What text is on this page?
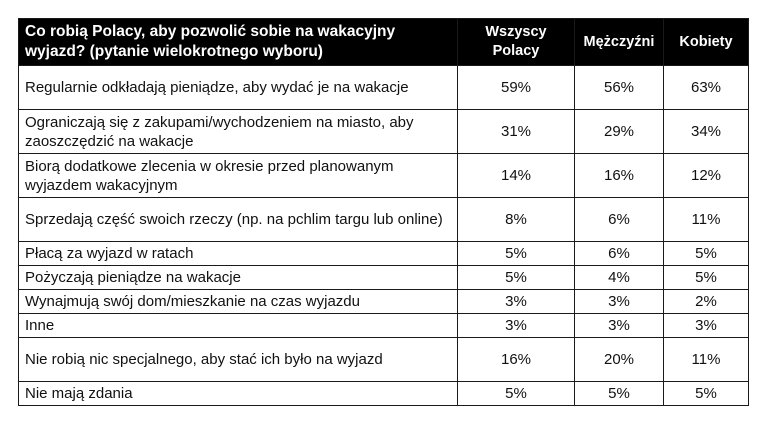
Co robią Polacy, aby pozwolić sobie na wakacyjny wyjazd? (pytanie wielokrotnego wyboru)	Wszyscy Polacy	Mężczyźni	Kobiety
Regularnie odkładają pieniądze, aby wydać je na wakacje	59%	56%	63%
Ograniczają się z zakupami/wychodzeniem na miasto, aby zaoszczędzić na wakacje	31%	29%	34%
Biorą dodatkowe zlecenia w okresie przed planowanym wyjazdem wakacyjnym	14%	16%	12%
Sprzedają część swoich rzeczy (np. na pchlim targu lub online)	8%	6%	11%
Płacą za wyjazd w ratach	5%	6%	5%
Pożyczają pieniądze na wakacje	5%	4%	5%
Wynajmują swój dom/mieszkanie na czas wyjazdu	3%	3%	2%
Inne	3%	3%	3%
Nie robią nic specjalnego, aby stać ich było na wyjazd	16%	20%	11%
Nie mają zdania	5%	5%	5%
